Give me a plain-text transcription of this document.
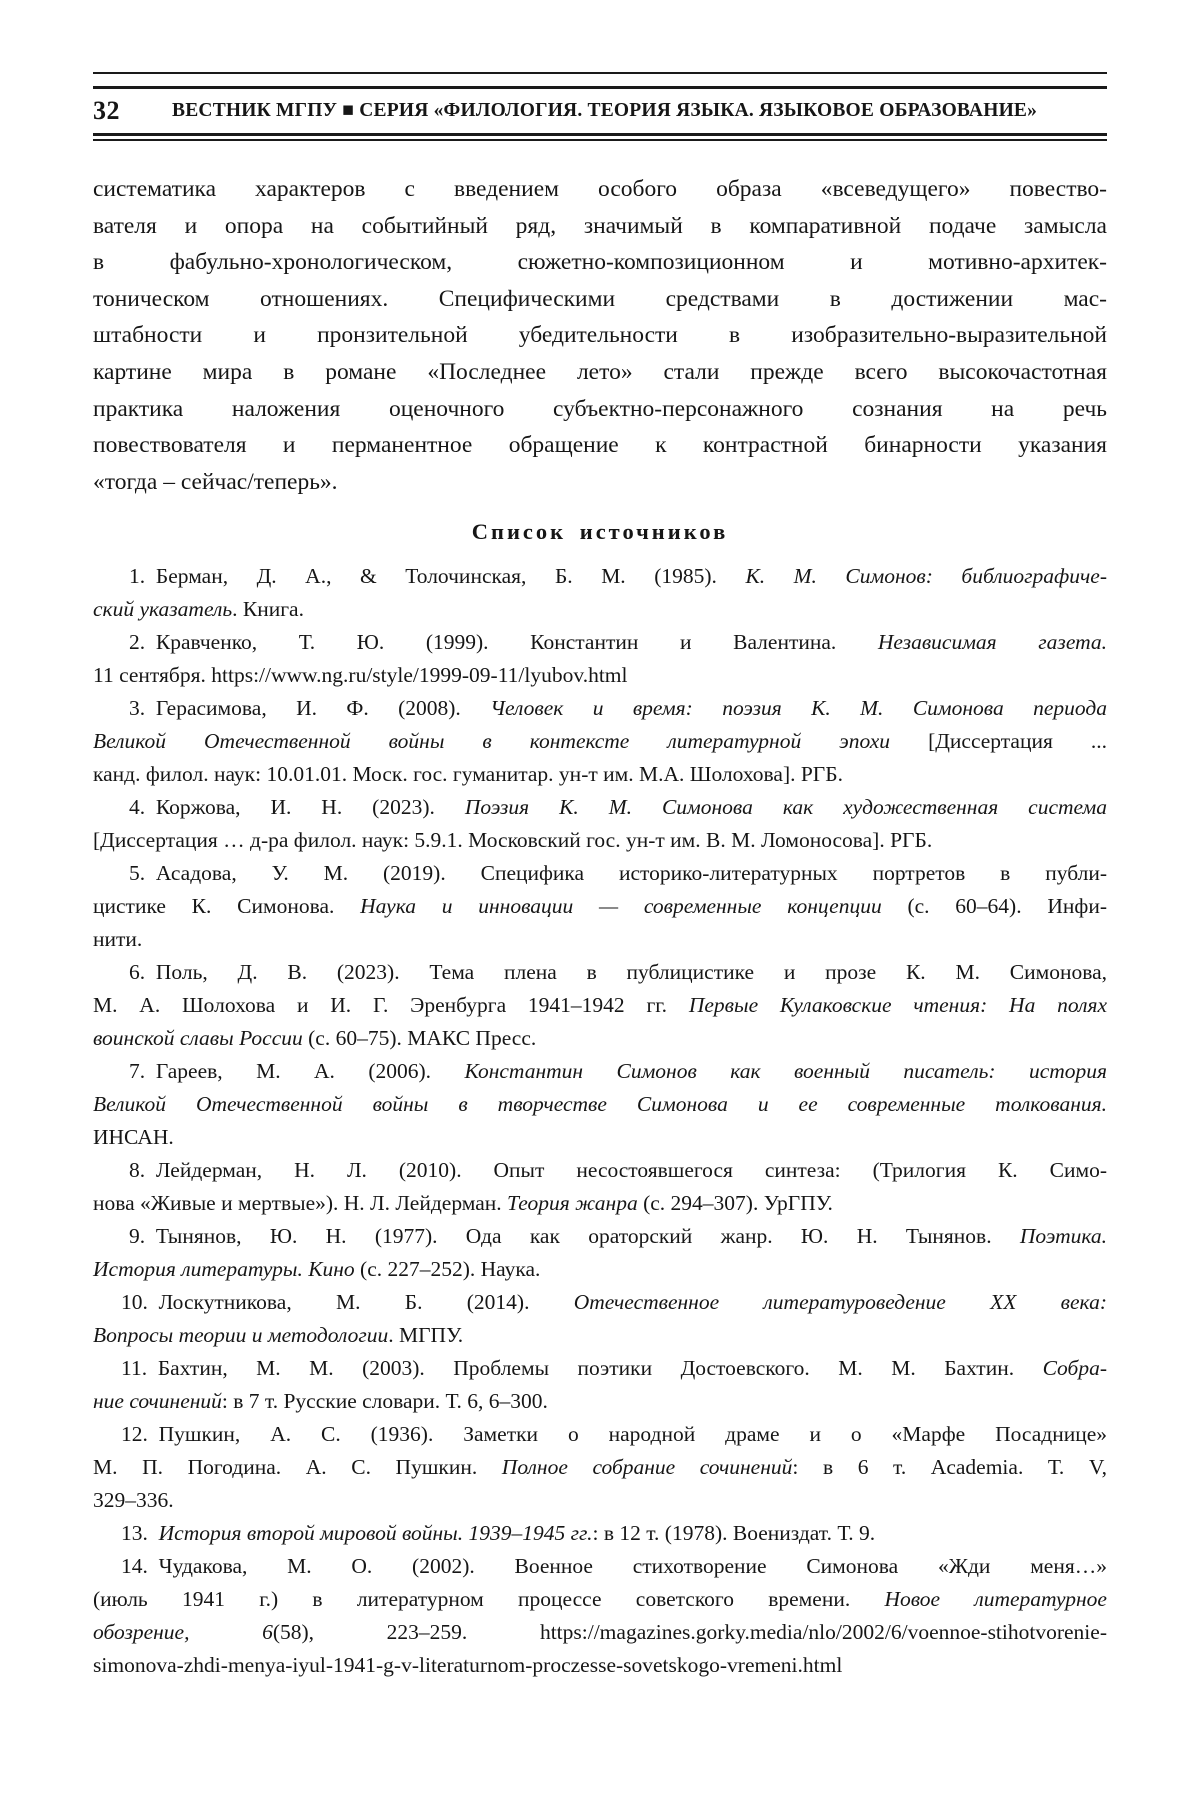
32	ВЕСТНИК МГПУ ■ СЕРИЯ «ФИЛОЛОГИЯ. ТЕОРИЯ ЯЗЫКА. ЯЗЫКОВОЕ ОБРАЗОВАНИЕ»
систематика характеров с введением особого образа «всеведущего» повество-
вателя и опора на событийный ряд, значимый в компаративной подаче замысла
в фабульно-хронологическом, сюжетно-композиционном и мотивно-архитек-
тоническом отношениях. Специфическими средствами в достижении мас-
штабности и пронзительной убедительности в изобразительно-выразительной
картине мира в романе «Последнее лето» стали прежде всего высокочастотная
практика наложения оценочного субъектно-персонажного сознания на речь
повествователя и перманентное обращение к контрастной бинарности указания
«тогда – сейчас/теперь».
Список источников
1. Берман, Д. А., & Толочинская, Б. М. (1985). К. М. Симонов: библиографиче-
ский указатель. Книга.
2. Кравченко, Т. Ю. (1999). Константин и Валентина. Независимая газета.
11 сентября. https://www.ng.ru/style/1999-09-11/lyubov.html
3. Герасимова, И. Ф. (2008). Человек и время: поэзия К. М. Симонова периода
Великой Отечественной войны в контексте литературной эпохи [Диссертация ...
канд. филол. наук: 10.01.01. Моск. гос. гуманитар. ун-т им. М.А. Шолохова]. РГБ.
4. Коржова, И. Н. (2023). Поэзия К. М. Симонова как художественная система
[Диссертация … д-ра филол. наук: 5.9.1. Московский гос. ун-т им. В. М. Ломоносова]. РГБ.
5. Асадова, У. М. (2019). Специфика историко-литературных портретов в публи-
цистике К. Симонова. Наука и инновации — современные концепции (с. 60–64). Инфи-
нити.
6. Поль, Д. В. (2023). Тема плена в публицистике и прозе К. М. Симонова,
М. А. Шолохова и И. Г. Эренбурга 1941–1942 гг. Первые Кулаковские чтения: На полях
воинской славы России (с. 60–75). МАКС Пресс.
7. Гареев, М. А. (2006). Константин Симонов как военный писатель: история
Великой Отечественной войны в творчестве Симонова и ее современные толкования.
ИНСАН.
8. Лейдерман, Н. Л. (2010). Опыт несостоявшегося синтеза: (Трилогия К. Симо-
нова «Живые и мертвые»). Н. Л. Лейдерман. Теория жанра (с. 294–307). УрГПУ.
9. Тынянов, Ю. Н. (1977). Ода как ораторский жанр. Ю. Н. Тынянов. Поэтика.
История литературы. Кино (с. 227–252). Наука.
10. Лоскутникова, М. Б. (2014). Отечественное литературоведение XX века:
Вопросы теории и методологии. МГПУ.
11. Бахтин, М. М. (2003). Проблемы поэтики Достоевского. М. М. Бахтин. Собра-
ние сочинений: в 7 т. Русские словари. Т. 6, 6–300.
12. Пушкин, А. С. (1936). Заметки о народной драме и о «Марфе Посаднице»
М. П. Погодина. А. С. Пушкин. Полное собрание сочинений: в 6 т. Academia. Т. V,
329–336.
13. История второй мировой войны. 1939–1945 гг.: в 12 т. (1978). Воениздат. Т. 9.
14. Чудакова, М. О. (2002). Военное стихотворение Симонова «Жди меня…»
(июль 1941 г.) в литературном процессе советского времени. Новое литературное
обозрение, 6(58), 223–259. https://magazines.gorky.media/nlo/2002/6/voennoe-stihotvorenie-
simonova-zhdi-menya-iyul-1941-g-v-literaturnom-proczesse-sovetskogo-vremeni.html
